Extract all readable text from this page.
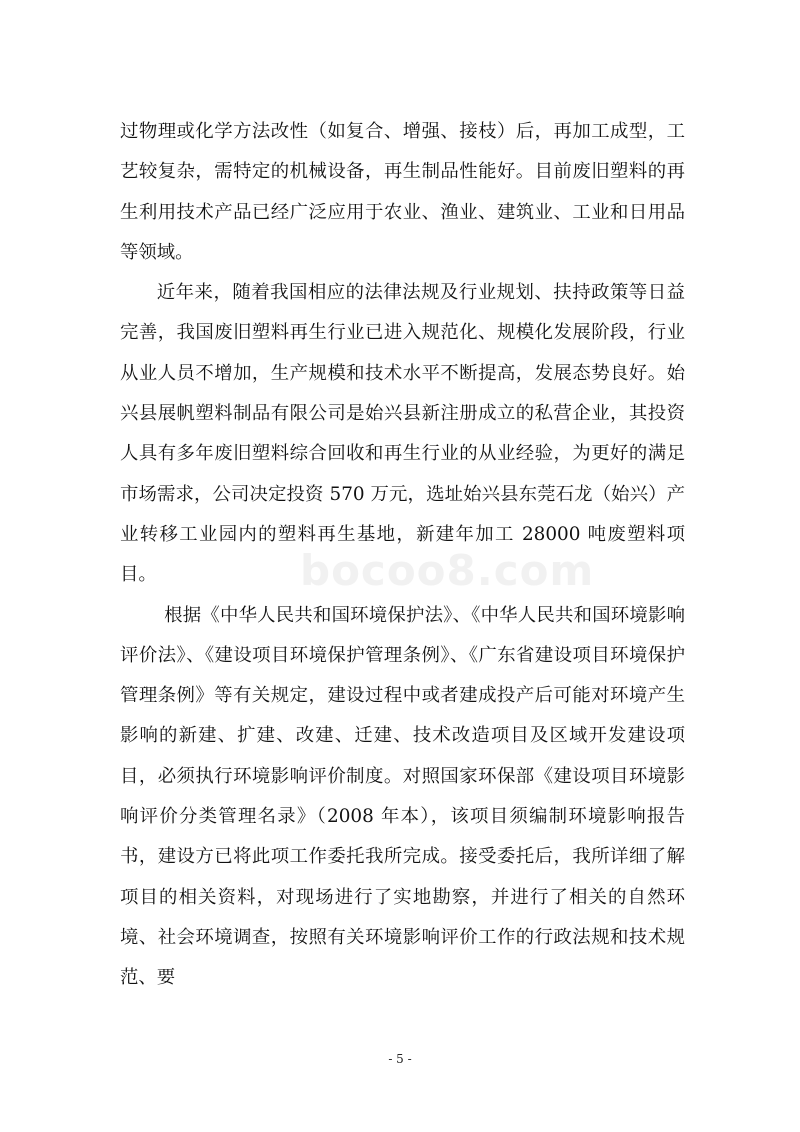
过物理或化学方法改性（如复合、增强、接枝）后，再加工成型，工艺较复杂，需特定的机械设备，再生制品性能好。目前废旧塑料的再生利用技术产品已经广泛应用于农业、渔业、建筑业、工业和日用品等领域。

近年来，随着我国相应的法律法规及行业规划、扶持政策等日益完善，我国废旧塑料再生行业已进入规范化、规模化发展阶段，行业从业人员不增加，生产规模和技术水平不断提高，发展态势良好。始兴县展帆塑料制品有限公司是始兴县新注册成立的私营企业，其投资人具有多年废旧塑料综合回收和再生行业的从业经验，为更好的满足市场需求，公司决定投资 570 万元，选址始兴县东莞石龙（始兴）产业转移工业园内的塑料再生基地，新建年加工 28000 吨废塑料项目。

根据《中华人民共和国环境保护法》、《中华人民共和国环境影响评价法》、《建设项目环境保护管理条例》、《广东省建设项目环境保护管理条例》等有关规定，建设过程中或者建成投产后可能对环境产生影响的新建、扩建、改建、迁建、技术改造项目及区域开发建设项目，必须执行环境影响评价制度。对照国家环保部《建设项目环境影响评价分类管理名录》（2008 年本），该项目须编制环境影响报告书，建设方已将此项工作委托我所完成。接受委托后，我所详细了解项目的相关资料，对现场进行了实地勘察，并进行了相关的自然环境、社会环境调查，按照有关环境影响评价工作的行政法规和技术规范、要

bocoo8.com
- 5 -
